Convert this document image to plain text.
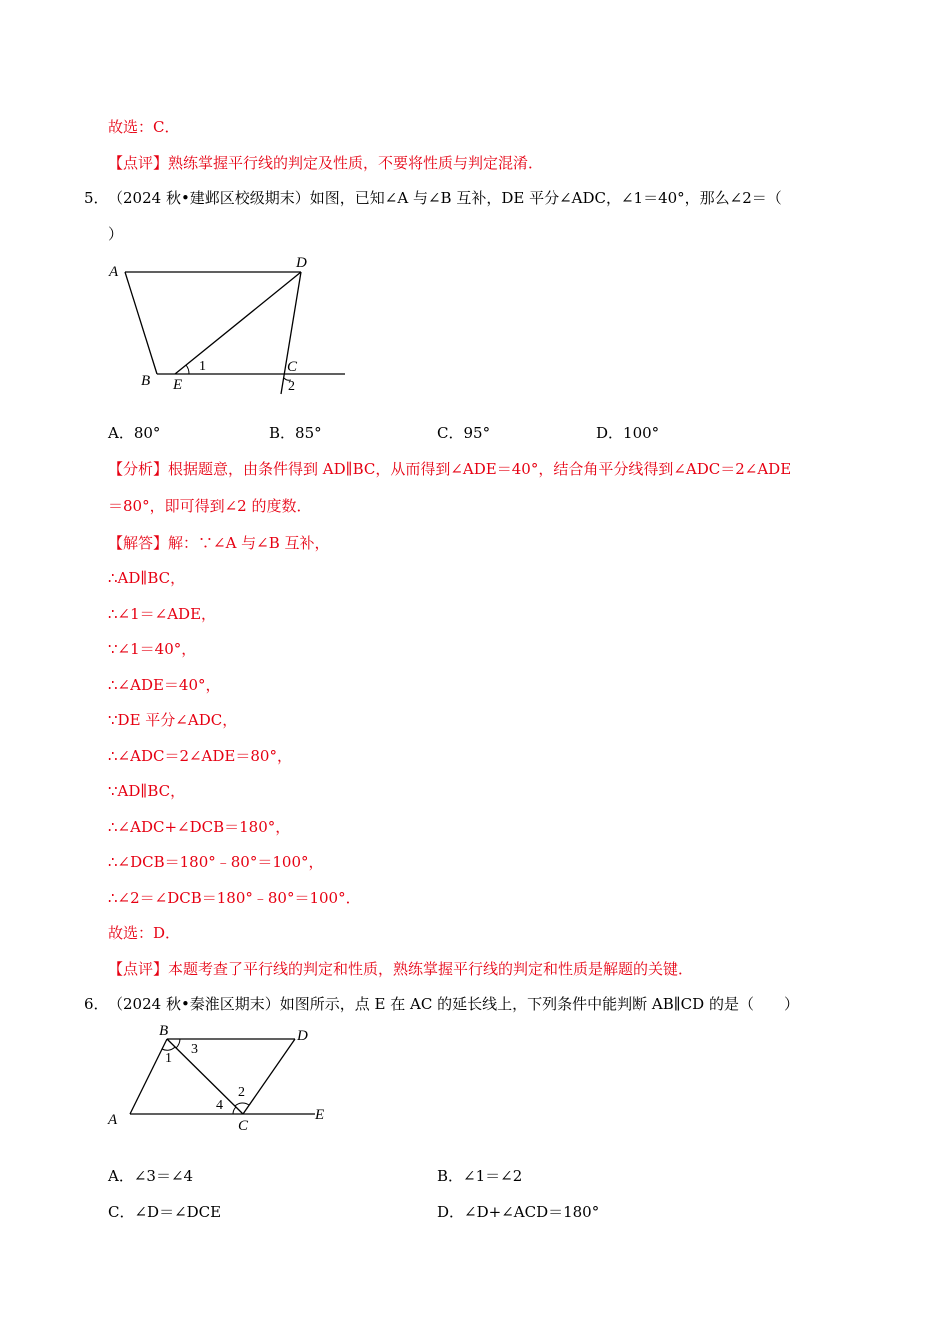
故选：C．
【点评】熟练掌握平行线的判定及性质，不要将性质与判定混淆．
5． （2024 秋•建邺区校级期末）如图，已知∠A 与∠B 互补，DE 平分∠ADC，∠1＝40°，那么∠2＝（
）
A
D
B E
C
1
2
A．80°	B．85°	C．95°	D．100°
【分析】根据题意，由条件得到 AD∥BC，从而得到∠ADE＝40°，结合角平分线得到∠ADC＝2∠ADE
＝80°，即可得到∠2 的度数．
【解答】解：∵∠A 与∠B 互补，
∴AD∥BC，
∴∠1＝∠ADE，
∵∠1＝40°，
∴∠ADE＝40°，
∵DE 平分∠ADC，
∴∠ADC＝2∠ADE＝80°，
∵AD∥BC，
∴∠ADC+∠DCB＝180°，
∴∠DCB＝180°﹣80°＝100°，
∴∠2＝∠DCB＝180°﹣80°＝100°．
故选：D．
【点评】本题考查了平行线的判定和性质，熟练掌握平行线的判定和性质是解题的关键．
6． （2024 秋•秦淮区期末）如图所示，点 E 在 AC 的延长线上，下列条件中能判断 AB∥CD 的是（　　）
B	D
A	C
E
1
3
4
2
A．∠3＝∠4	B．∠1＝∠2
C．∠D＝∠DCE	D．∠D+∠ACD＝180°
